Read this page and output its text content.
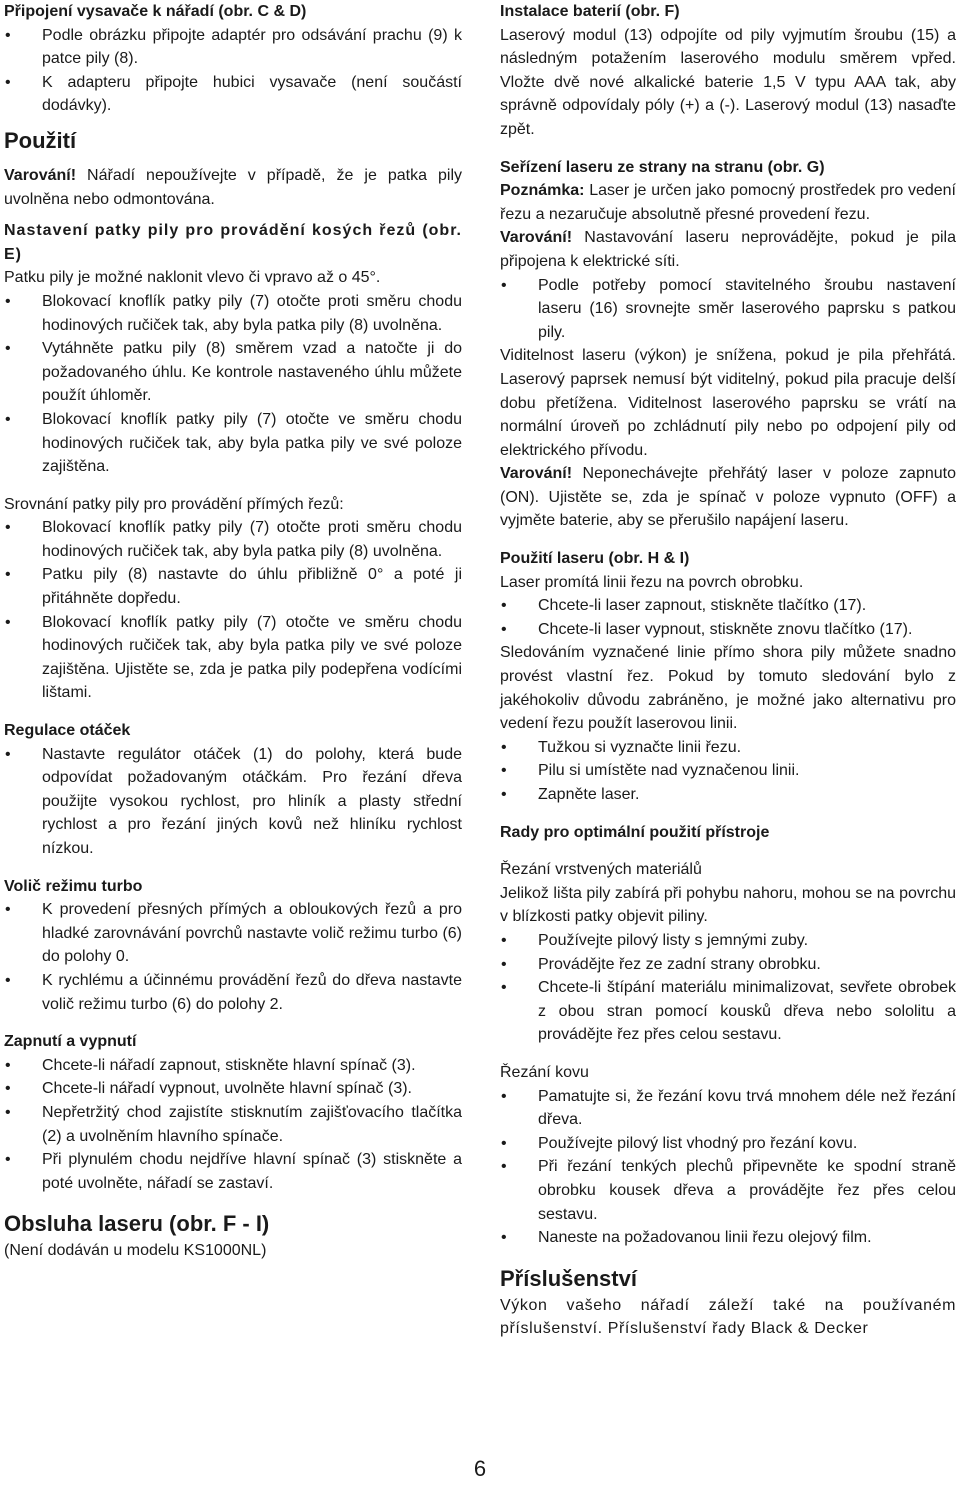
Připojení vysavače k nářadí (obr. C & D)

• Podle obrázku připojte adaptér pro odsávání prachu (9) k patce pily (8).
• K adapteru připojte hubici vysavače (není součástí dodávky).

Použití

Varování! Nářadí nepoužívejte v případě, že je patka pily uvolněna nebo odmontována.

Nastavení patky pily pro provádění kosých řezů (obr. E)

Patku pily je možné naklonit vlevo či vpravo až o 45°.

• Blokovací knoflík patky pily (7) otočte proti směru chodu hodinových ručiček tak, aby byla patka pily (8) uvolněna.
• Vytáhněte patku pily (8) směrem vzad a natočte ji do požadovaného úhlu. Ke kontrole nastaveného úhlu můžete použít úhloměr.
• Blokovací knoflík patky pily (7) otočte ve směru chodu hodinových ručiček tak, aby byla patka pily ve své poloze zajištěna.

Srovnání patky pily pro provádění přímých řezů:

• Blokovací knoflík patky pily (7) otočte proti směru chodu hodinových ručiček tak, aby byla patka pily (8) uvolněna.
• Patku pily (8) nastavte do úhlu přibližně 0° a poté ji přitáhněte dopředu.
• Blokovací knoflík patky pily (7) otočte ve směru chodu hodinových ručiček tak, aby byla patka pily ve své poloze zajištěna. Ujistěte se, zda je patka pily podepřena vodícími lištami.

Regulace otáček

• Nastavte regulátor otáček (1) do polohy, která bude odpovídat požadovaným otáčkám. Pro řezání dřeva použijte vysokou rychlost, pro hliník a plasty střední rychlost a pro řezání jiných kovů než hliníku rychlost nízkou.

Volič režimu turbo

• K provedení přesných přímých a obloukových řezů a pro hladké zarovnávání povrchů nastavte volič režimu turbo (6) do polohy 0.
• K rychlému a účinnému provádění řezů do dřeva nastavte volič režimu turbo (6) do polohy 2.

Zapnutí a vypnutí

• Chcete-li nářadí zapnout, stiskněte hlavní spínač (3).
• Chcete-li nářadí vypnout, uvolněte hlavní spínač (3).
• Nepřetržitý chod zajistíte stisknutím zajišťovacího tlačítka (2) a uvolněním hlavního spínače.
• Při plynulém chodu nejdříve hlavní spínač (3) stiskněte a poté uvolněte, nářadí se zastaví.

Obsluha laseru (obr. F - I)

(Není dodáván u modelu KS1000NL)

Instalace baterií (obr. F)

Laserový modul (13) odpojíte od pily vyjmutím šroubu (15) a následným potažením laserového modulu směrem vpřed. Vložte dvě nové alkalické baterie 1,5 V typu AAA tak, aby správně odpovídaly póly (+) a (-). Laserový modul (13) nasaďte zpět.

Seřízení laseru ze strany na stranu (obr. G)

Poznámka: Laser je určen jako pomocný prostředek pro vedení řezu a nezaručuje absolutně přesné provedení řezu.

Varování! Nastavování laseru neprovádějte, pokud je pila připojena k elektrické síti.

• Podle potřeby pomocí stavitelného šroubu nastavení laseru (16) srovnejte směr laserového paprsku s patkou pily.

Viditelnost laseru (výkon) je snížena, pokud je pila přehřátá. Laserový paprsek nemusí být viditelný, pokud pila pracuje delší dobu přetížena. Viditelnost laserového paprsku se vrátí na normální úroveň po zchládnutí pily nebo po odpojení pily od elektrického přívodu.

Varování! Neponechávejte přehřátý laser v poloze zapnuto (ON). Ujistěte se, zda je spínač v poloze vypnuto (OFF) a vyjměte baterie, aby se přerušilo napájení laseru.

Použití laseru (obr. H & I)

Laser promítá linii řezu na povrch obrobku.

• Chcete-li laser zapnout, stiskněte tlačítko (17).
• Chcete-li laser vypnout, stiskněte znovu tlačítko (17).

Sledováním vyznačené linie přímo shora pily můžete snadno provést vlastní řez. Pokud by tomuto sledování bylo z jakéhokoliv důvodu zabráněno, je možné jako alternativu pro vedení řezu použít laserovou linii.

• Tužkou si vyznačte linii řezu.
• Pilu si umístěte nad vyznačenou linii.
• Zapněte laser.

Rady pro optimální použití přístroje

Řezání vrstvených materiálů

Jelikož lišta pily zabírá při pohybu nahoru, mohou se na povrchu v blízkosti patky objevit piliny.

• Používejte pilový listy s jemnými zuby.
• Provádějte řez ze zadní strany obrobku.
• Chcete-li štípání materiálu minimalizovat, sevřete obrobek z obou stran pomocí kousků dřeva nebo sololitu a provádějte řez přes celou sestavu.

Řezání kovu

• Pamatujte si, že řezání kovu trvá mnohem déle než řezání dřeva.
• Používejte pilový list vhodný pro řezání kovu.
• Při řezání tenkých plechů připevněte ke spodní straně obrobku kousek dřeva a provádějte řez přes celou sestavu.
• Naneste na požadovanou linii řezu olejový film.

Příslušenství

Výkon vašeho nářadí záleží také na používaném příslušenství. Příslušenství řady Black & Decker

6
